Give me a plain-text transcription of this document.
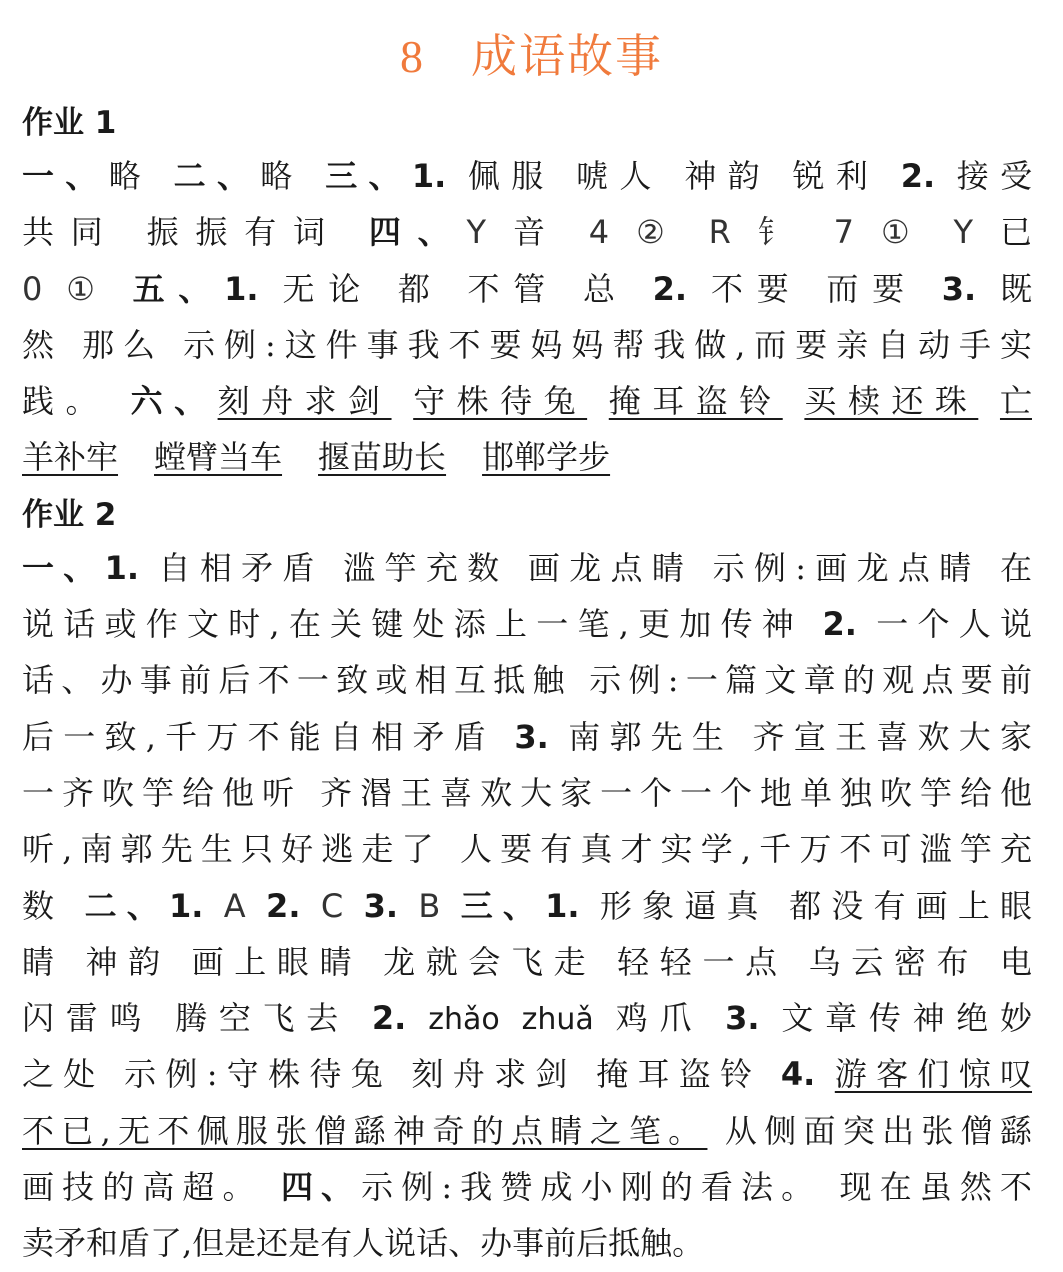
8 成语故事
作业 1
一、略 二、略 三、1. 佩服 唬人 神韵 锐利 2. 接受
共同 振振有词 四、Y 音 4 ② R 钅 7 ① Y 已
0 ① 五、1. 无论 都 不管 总 2. 不要 而要 3. 既
然 那么 示例:这件事我不要妈妈帮我做,而要亲自动手实
践。 六、刻舟求剑 守株待兔 掩耳盗铃 买椟还珠 亡
羊补牢 螳臂当车 揠苗助长 邯郸学步
作业 2
一、1. 自相矛盾 滥竽充数 画龙点睛 示例:画龙点睛 在
说话或作文时,在关键处添上一笔,更加传神 2. 一个人说
话、办事前后不一致或相互抵触 示例:一篇文章的观点要前
后一致,千万不能自相矛盾 3. 南郭先生 齐宣王喜欢大家
一齐吹竽给他听 齐湣王喜欢大家一个一个地单独吹竽给他
听,南郭先生只好逃走了 人要有真才实学,千万不可滥竽充
数 二、1. A 2. C 3. B 三、1. 形象逼真 都没有画上眼
睛 神韵 画上眼睛 龙就会飞走 轻轻一点 乌云密布 电
闪雷鸣 腾空飞去 2. zhǎo zhuǎ 鸡爪 3. 文章传神绝妙
之处 示例:守株待兔 刻舟求剑 掩耳盗铃 4. 游客们惊叹
不已,无不佩服张僧繇神奇的点睛之笔。 从侧面突出张僧繇
画技的高超。 四、示例:我赞成小刚的看法。 现在虽然不
卖矛和盾了,但是还是有人说话、办事前后抵触。
